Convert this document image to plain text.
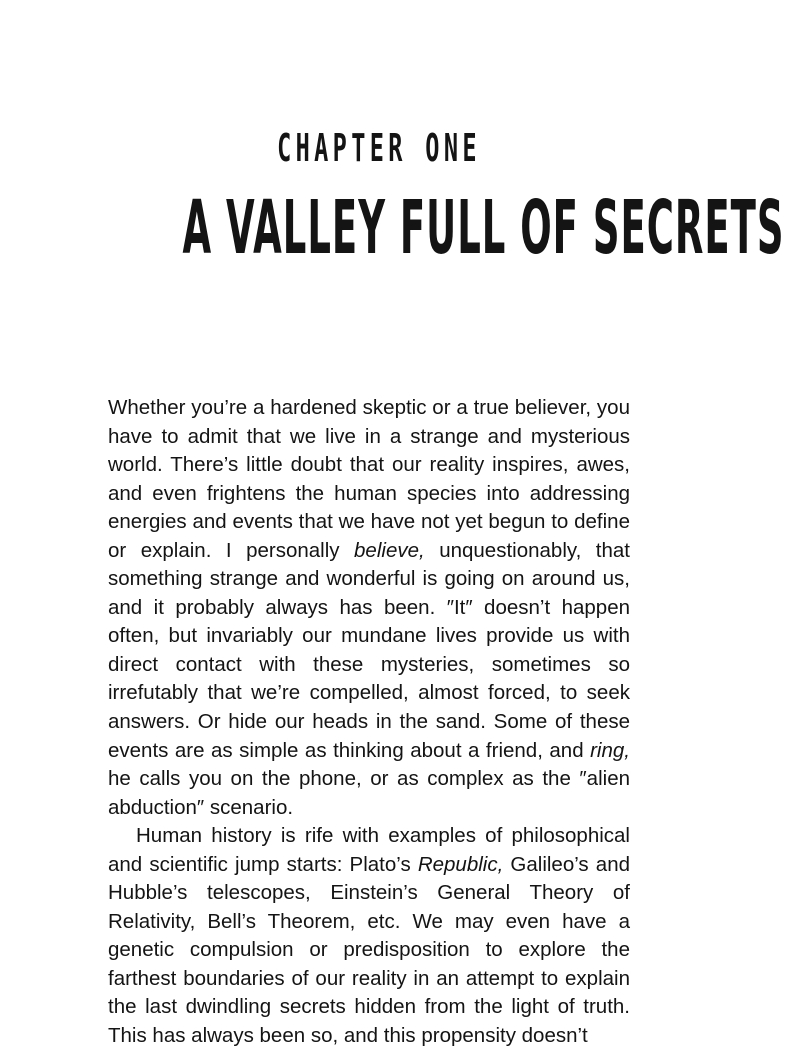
CHAPTER ONE
A VALLEY FULL OF SECRETS

Whether you’re a hardened skeptic or a true believer, you have to admit that we live in a strange and mysterious world. There’s little doubt that our reality inspires, awes, and even frightens the human species into addressing energies and events that we have not yet begun to define or explain. I personally believe, unquestionably, that something strange and wonderful is going on around us, and it probably always has been. ″It″ doesn’t happen often, but invariably our mundane lives provide us with direct contact with these mysteries, sometimes so irrefutably that we’re compelled, almost forced, to seek answers. Or hide our heads in the sand. Some of these events are as simple as thinking about a friend, and ring, he calls you on the phone, or as complex as the ″alien abduction″ scenario.

Human history is rife with examples of philosophical and scientific jump starts: Plato’s Republic, Galileo’s and Hubble’s telescopes, Einstein’s General Theory of Relativity, Bell’s Theorem, etc. We may even have a genetic compulsion or predisposition to explore the farthest boundaries of our reality in an attempt to explain the last dwindling secrets hidden from the light of truth. This has always been so, and this propensity doesn’t
